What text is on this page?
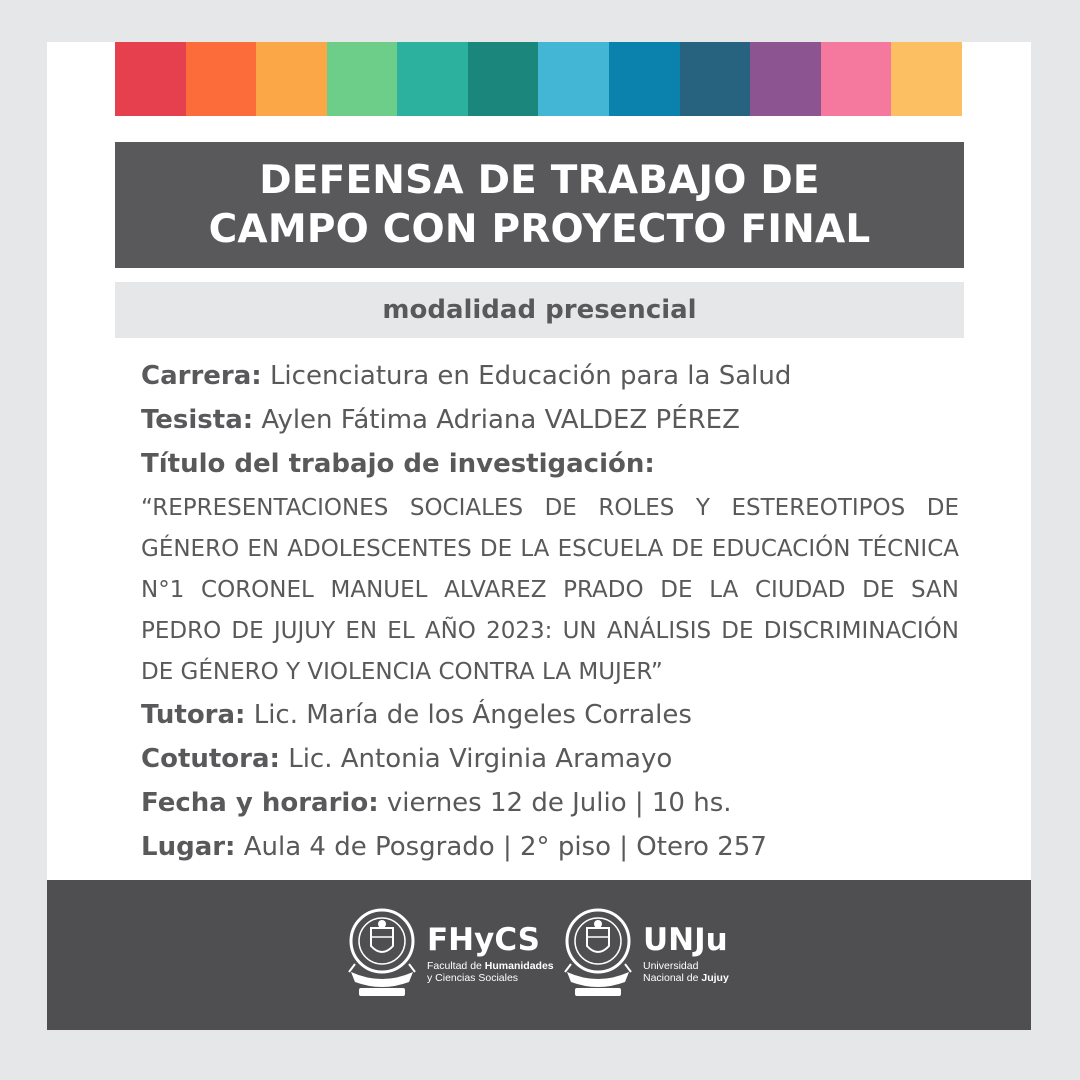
DEFENSA DE TRABAJO DE
CAMPO CON PROYECTO FINAL
modalidad presencial
Carrera: Licenciatura en Educación para la Salud
Tesista: Aylen Fátima Adriana VALDEZ PÉREZ
Título del trabajo de investigación:

“REPRESENTACIONES SOCIALES DE ROLES Y ESTEREOTIPOS DE GÉNERO EN ADOLESCENTES DE LA ESCUELA DE EDUCACIÓN TÉCNICA N°1 CORONEL MANUEL ALVAREZ PRADO DE LA CIUDAD DE SAN PEDRO DE JUJUY EN EL AÑO 2023: UN ANÁLISIS DE DISCRIMINACIÓN DE GÉNERO Y VIOLENCIA CONTRA LA MUJER”

Tutora: Lic. María de los Ángeles Corrales
Cotutora: Lic. Antonia Virginia Aramayo
Fecha y horario: viernes 12 de Julio | 10 hs.
Lugar: Aula 4 de Posgrado | 2° piso | Otero 257
FHyCS
Facultad de Humanidades
y Ciencias Sociales
UNJu
Universidad
Nacional de Jujuy
